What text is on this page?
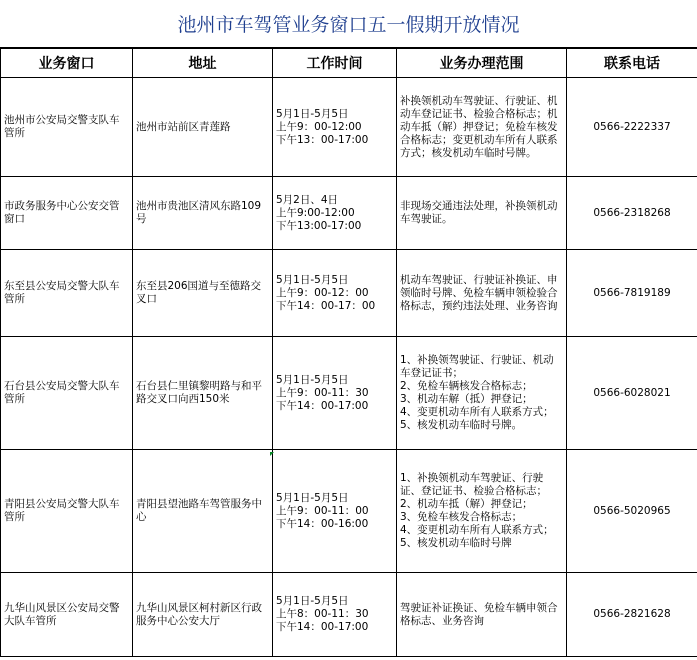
池州市车驾管业务窗口五一假期开放情况
业务窗口	地址	工作时间	业务办理范围	联系电话
池州市公安局交警支队车管所	池州市站前区青莲路	5月1日-5月5日
上午9：00-12:00
下午13：00-17:00	补换领机动车驾驶证、行驶证、机动车登记证书、检验合格标志；机动车抵（解）押登记；免检车核发合格标志；变更机动车所有人联系方式；核发机动车临时号牌。	0566-2222337
市政务服务中心公安交管窗口	池州市贵池区清风东路109号	5月2日、4日
上午9:00-12:00
下午13:00-17:00	非现场交通违法处理，补换领机动车驾驶证。	0566-2318268
东至县公安局交警大队车管所	东至县206国道与至德路交叉口	5月1日-5月5日
上午9：00-12：00
下午14：00-17：00	机动车驾驶证、行驶证补换证、申领临时号牌、免检车辆申领检验合格标志，预约违法处理、业务咨询	0566-7819189
石台县公安局交警大队车管所	石台县仁里镇黎明路与和平路交叉口向西150米	5月1日-5月5日
上午9：00-11：30
下午14：00-17:00	1、补换领驾驶证、行驶证、机动车登记证书；
2、免检车辆核发合格标志；
3、机动车解（抵）押登记；
4、变更机动车所有人联系方式；
5、核发机动车临时号牌。	0566-6028021
青阳县公安局交警大队车管所	青阳县望池路车驾管服务中心	5月1日-5月5日
上午9：00-11：00
下午14：00-16:00	1、补换领机动车驾驶证、行驶证、登记证书、检验合格标志；
2、机动车抵（解）押登记；
3、免检车核发合格标志；
4、变更机动车所有人联系方式；
5、核发机动车临时号牌	0566-5020965
九华山风景区公安局交警大队车管所	九华山风景区柯村新区行政服务中心公安大厅	5月1日-5月5日
上午8：00-11：30
下午14：00-17:00	驾驶证补证换证、免检车辆申领合格标志、业务咨询	0566-2821628
